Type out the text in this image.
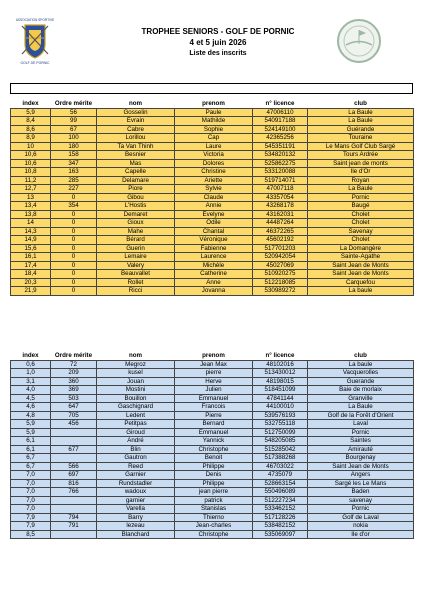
ASSOCIATION SPORTIVE
GOLF DE PORNIC
TROPHEE SENIORS - GOLF DE PORNIC
4 et 5 juin 2026
Liste des inscrits
index	Ordre mérite	nom	prenom	n° licence	club
5,9	56	Gosselin	Paule	47006110	La Baule
8,4	99	Evrain	Mathilde	540917188	La Baule
8,6	67	Cabre	Sophie	524149100	Guérande
8,9	100	Lorillou	Cap	42365256	Touraine
10	180	Ta Van Thinh	Laure	545351191	Le Mans Golf Club Sargé
10,6	158	Besnier	Victoria	534820132	Tours Ardrée
10,6	347	Mas	Dolores	525862275	Saint jean de monts
10,8	163	Capelle	Christine	533120088	Ile d'Or
11,2	285	Delamare	Ariette	519714071	Royan
12,7	227	Piore	Sylvie	47007118	La Baule
13	0	Gibou	Claude	43357054	Pornic
13,4	354	L'Hostis	Annie	43268178	Baugé
13,8	0	Demaret	Évelyne	43162031	Cholet
14	0	Gioux	Odile	44487264	Cholet
14,3	0	Mahe	Chantal	46372265	Savenay
14,9	0	Bérard	Véronique	45602192	Cholet
15,6	0	Guerin	Fabienne	517701203	La Domangère
16,1	0	Lemaire	Laurence	520942054	Sainte-Agathe
17,4	0	Valery	Michèle	45027069	Saint Jean de Monts
18,4	0	Beauvallet	Catherine	510920275	Saint Jean de Monts
20,3	0	Rollet	Anne	512218085	Carquefou
21,9	0	Ricci	Jovanna	530989272	La baule
index	Ordre mérite	nom	prenom	n° licence	club
0,6	72	Megroz	Jean Max	48102016	La baule
1,0	209	kusel	pierre	513430012	Vacquerolles
3,1	360	Jouan	Herve	48198015	Guerande
4,0	369	Mostini	Julien	518451099	Baie de morlaix
4,5	503	Bouillon	Emmanuel	47841144	Granville
4,6	647	Gaschignard	Francois	44100010	La Baule
4,8	705	Ledent	Pierre	539576193	Golf de la Forêt d'Orient
5,9	456	Petitpas	Bernard	532755118	Laval
5,9		Giroud	Emmanuel	512750099	Pornic
6,1		André	Yannick	548205085	Saintes
6,1	677	Blin	Christophe	515285042	Amirauté
6,7		Gautron	Benoit	517388268	Bourgenay
6,7	566	Reed	Philippe	46703022	Saint Jean de Monts
7,0	697	Garnier	Denis	4735079	Angers
7,0	816	Rundstadler	Philippe	528663154	Sargé les Le Mans
7,0	766	wadoux	jean pierre	550496089	Baden
7,0		garnier	patrick	512227234	savenay
7,0		Varella	Stanislas	533462152	Pornic
7,9	794	Barry	Thierno	517128226	Golf de Laval
7,9	791	lezeau	Jean-charles	538482152	nokia
8,5		Blanchard	Christophe	535069097	Ile d'or
